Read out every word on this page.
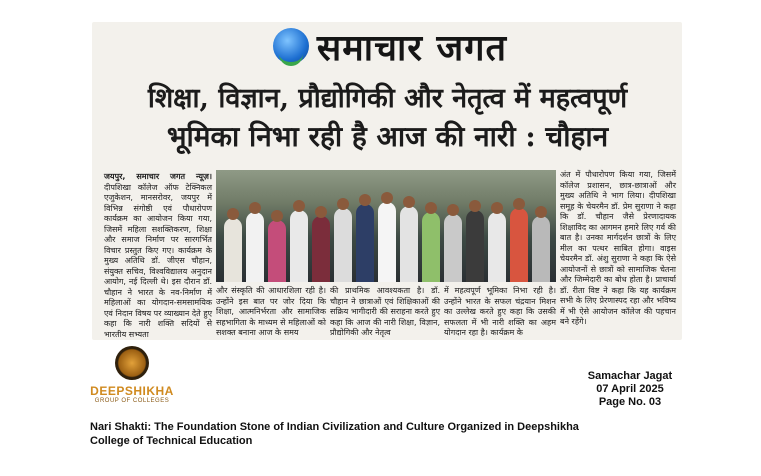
समाचार जगत
शिक्षा, विज्ञान, प्रौद्योगिकी और नेतृत्व में महत्वपूर्ण
भूमिका निभा रही है आज की नारी : चौहान
जयपुर, समाचार जगत न्यूज़। दीपशिखा कॉलेज ऑफ टेक्निकल एजुकेशन, मानसरोवर, जयपुर में विभिन्न संगोष्ठी एवं पौधारोपण कार्यक्रम का आयोजन किया गया, जिसमें महिला सशक्तिकरण, शिक्षा और समाज निर्माण पर सारगर्भित विचार प्रस्तुत किए गए। कार्यक्रम के मुख्य अतिथि डॉ. जीएस चौहान, संयुक्त सचिव, विश्वविद्यालय अनुदान आयोग, नई दिल्ली थे। इस दौरान डॉ. चौहान ने भारत के नव-निर्माण में महिलाओं का योगदान-समसामयिक एवं निदान विषय पर व्याख्यान देते हुए कहा कि नारी शक्ति सदियों से भारतीय सभ्यता
और संस्कृति की आधारशिला रही है। उन्होंने इस बात पर जोर दिया कि शिक्षा, आत्मनिर्भरता और सामाजिक सहभागिता के माध्यम से महिलाओं को सशक्त बनाना आज के समय
की प्राथमिक आवश्यकता है। डॉ. चौहान ने छात्राओं एवं शिक्षिकाओं की सक्रिय भागीदारी की सराहना करते हुए कहा कि आज की नारी शिक्षा, विज्ञान, प्रौद्योगिकी और नेतृत्व
में महत्वपूर्ण भूमिका निभा रही है। उन्होंने भारत के सफल चंद्रयान मिशन का उल्लेख करते हुए कहा कि उसकी सफलता में भी नारी शक्ति का अहम योगदान रहा है। कार्यक्रम के
अंत में पौधारोपण किया गया, जिसमें कॉलेज प्रशासन, छात्र-छात्राओं और मुख्य अतिथि ने भाग लिया। दीपशिखा समूह के चेयरमैन डॉ. प्रेम सुराणा ने कहा कि डॉ. चौहान जैसे प्रेरणादायक शिक्षाविद का आगमन हमारे लिए गर्व की बात है। उनका मार्गदर्शन छात्रों के लिए मील का पत्थर साबित होगा। वाइस चेयरमैन डॉ. अंशु सुराणा ने कहा कि ऐसे आयोजनों से छात्रों को सामाजिक चेतना और जिम्मेदारी का बोध होता है। प्राचार्या डॉ. रीता विष्ट ने कहा कि यह कार्यक्रम सभी के लिए प्रेरणास्पद रहा और भविष्य में भी ऐसे आयोजन कॉलेज की पहचान बने रहेंगे।
DEEPSHIKHA
GROUP OF COLLEGES
Samachar Jagat
07 April 2025
Page No. 03
Nari Shakti: The Foundation Stone of Indian Civilization and Culture Organized in Deepshikha College of Technical Education
